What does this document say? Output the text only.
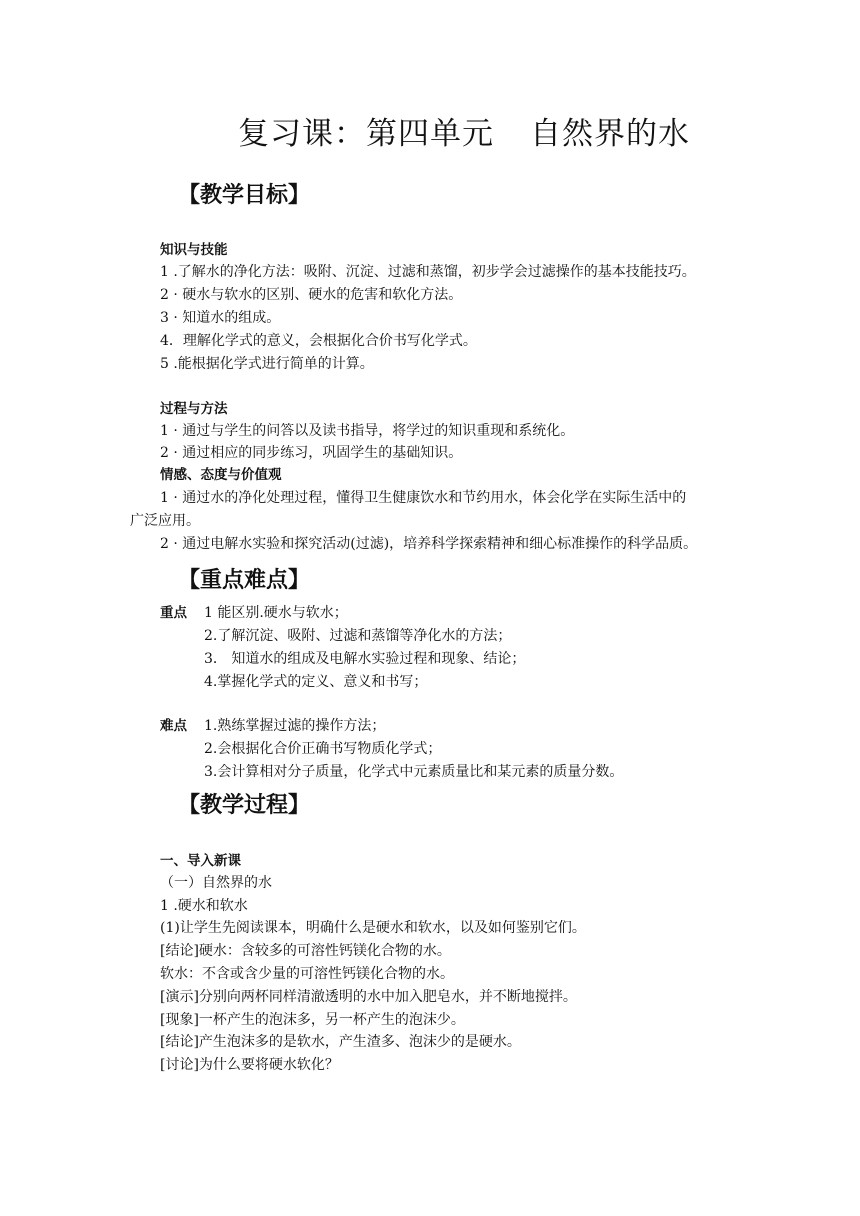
复习课：第四单元 自然界的水
【教学目标】
知识与技能
1 .了解水的净化方法：吸附、沉淀、过滤和蒸馏，初步学会过滤操作的基本技能技巧。
2 · 硬水与软水的区别、硬水的危害和软化方法。
3 · 知道水的组成。
4．理解化学式的意义，会根据化合价书写化学式。
5 .能根据化学式进行简单的计算。
过程与方法
1 · 通过与学生的问答以及读书指导，将学过的知识重现和系统化。
2 · 通过相应的同步练习，巩固学生的基础知识。
情感、态度与价值观
1 · 通过水的净化处理过程，懂得卫生健康饮水和节约用水，体会化学在实际生活中的
广泛应用。
2 · 通过电解水实验和探究活动(过滤)，培养科学探索精神和细心标准操作的科学品质。
【重点难点】
重点 1 能区别.硬水与软水；
2.了解沉淀、吸附、过滤和蒸馏等净化水的方法；
3． 知道水的组成及电解水实验过程和现象、结论；
4.掌握化学式的定义、意义和书写；
难点 1.熟练掌握过滤的操作方法；
2.会根据化合价正确书写物质化学式；
3.会计算相对分子质量，化学式中元素质量比和某元素的质量分数。
【教学过程】
一、导入新课
（一）自然界的水
1 .硬水和软水
(1)让学生先阅读课本，明确什么是硬水和软水，以及如何鉴别它们。
[结论]硬水：含较多的可溶性钙镁化合物的水。
软水：不含或含少量的可溶性钙镁化合物的水。
[演示]分别向两杯同样清澈透明的水中加入肥皂水，并不断地搅拌。
[现象]一杯产生的泡沫多，另一杯产生的泡沫少。
[结论]产生泡沫多的是软水，产生渣多、泡沫少的是硬水。
[讨论]为什么要将硬水软化？
